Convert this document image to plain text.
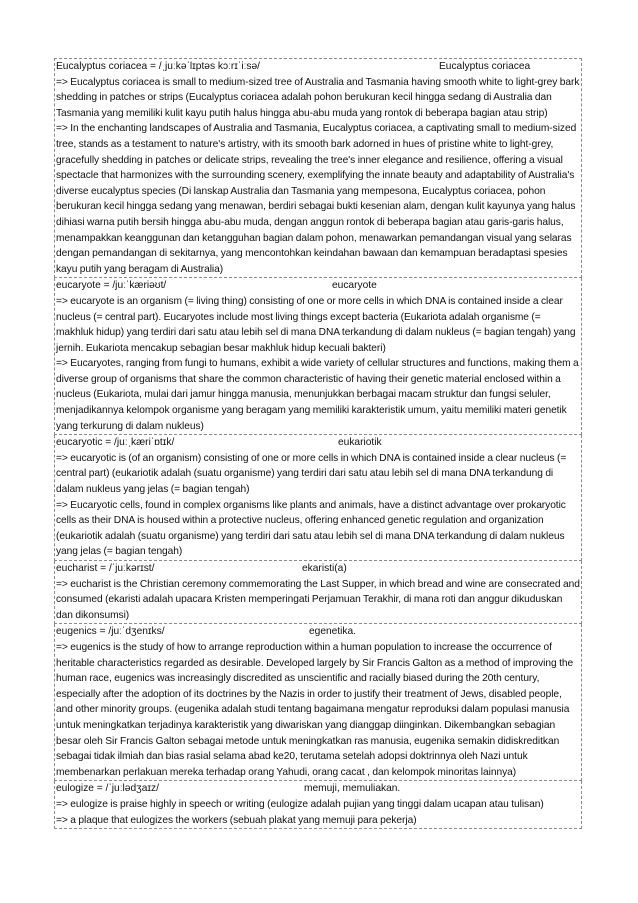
Eucalyptus coriacea = /ˌjuːkəˈlɪptəs kɔːrɪˈiːsə/	Eucalyptus coriacea
=> Eucalyptus coriacea is small to medium-sized tree of Australia and Tasmania having smooth white to light-grey bark shedding in patches or strips (Eucalyptus coriacea adalah pohon berukuran kecil hingga sedang di Australia dan Tasmania yang memiliki kulit kayu putih halus hingga abu-abu muda yang rontok di beberapa bagian atau strip)
=> In the enchanting landscapes of Australia and Tasmania, Eucalyptus coriacea, a captivating small to medium-sized tree, stands as a testament to nature's artistry, with its smooth bark adorned in hues of pristine white to light-grey, gracefully shedding in patches or delicate strips, revealing the tree's inner elegance and resilience, offering a visual spectacle that harmonizes with the surrounding scenery, exemplifying the innate beauty and adaptability of Australia's diverse eucalyptus species (Di lanskap Australia dan Tasmania yang mempesona, Eucalyptus coriacea, pohon berukuran kecil hingga sedang yang menawan, berdiri sebagai bukti kesenian alam, dengan kulit kayunya yang halus dihiasi warna putih bersih hingga abu-abu muda, dengan anggun rontok di beberapa bagian atau garis-garis halus, menampakkan keanggunan dan ketangguhan bagian dalam pohon, menawarkan pemandangan visual yang selaras dengan pemandangan di sekitarnya, yang mencontohkan keindahan bawaan dan kemampuan beradaptasi spesies kayu putih yang beragam di Australia)
eucaryote = /juːˈkæriəʊt/	eucaryote
=> eucaryote is an organism (= living thing) consisting of one or more cells in which DNA is contained inside a clear nucleus (= central part). Eucaryotes include most living things except bacteria (Eukariota adalah organisme (= makhluk hidup) yang terdiri dari satu atau lebih sel di mana DNA terkandung di dalam nukleus (= bagian tengah) yang jernih. Eukariota mencakup sebagian besar makhluk hidup kecuali bakteri)
=> Eucaryotes, ranging from fungi to humans, exhibit a wide variety of cellular structures and functions, making them a diverse group of organisms that share the common characteristic of having their genetic material enclosed within a nucleus (Eukariota, mulai dari jamur hingga manusia, menunjukkan berbagai macam struktur dan fungsi seluler, menjadikannya kelompok organisme yang beragam yang memiliki karakteristik umum, yaitu memiliki materi genetik yang terkurung di dalam nukleus)
eucaryotic = /juːˌkæriˈɒtɪk/	eukariotik
=> eucaryotic is (of an organism) consisting of one or more cells in which DNA is contained inside a clear nucleus (= central part) (eukariotik adalah (suatu organisme) yang terdiri dari satu atau lebih sel di mana DNA terkandung di dalam nukleus yang jelas (= bagian tengah)
=> Eucaryotic cells, found in complex organisms like plants and animals, have a distinct advantage over prokaryotic cells as their DNA is housed within a protective nucleus, offering enhanced genetic regulation and organization (eukariotik adalah (suatu organisme) yang terdiri dari satu atau lebih sel di mana DNA terkandung di dalam nukleus yang jelas (= bagian tengah)
eucharist = /ˈjuːkərɪst/	ekaristi(a)
=> eucharist is the Christian ceremony commemorating the Last Supper, in which bread and wine are consecrated and consumed (ekaristi adalah upacara Kristen memperingati Perjamuan Terakhir, di mana roti dan anggur dikuduskan dan dikonsumsi)
eugenics = /juːˈdʒenɪks/	egenetika.
=> eugenics is the study of how to arrange reproduction within a human population to increase the occurrence of heritable characteristics regarded as desirable. Developed largely by Sir Francis Galton as a method of improving the human race, eugenics was increasingly discredited as unscientific and racially biased during the 20th century, especially after the adoption of its doctrines by the Nazis in order to justify their treatment of Jews, disabled people, and other minority groups. (eugenika adalah studi tentang bagaimana mengatur reproduksi dalam populasi manusia untuk meningkatkan terjadinya karakteristik yang diwariskan yang dianggap diinginkan. Dikembangkan sebagian besar oleh Sir Francis Galton sebagai metode untuk meningkatkan ras manusia, eugenika semakin didiskreditkan sebagai tidak ilmiah dan bias rasial selama abad ke20, terutama setelah adopsi doktrinnya oleh Nazi untuk membenarkan perlakuan mereka terhadap orang Yahudi, orang cacat , dan kelompok minoritas lainnya)
eulogize = /ˈjuːlədʒaɪz/	memuji, memuliakan.
=> eulogize is praise highly in speech or writing (eulogize adalah pujian yang tinggi dalam ucapan atau tulisan)
=> a plaque that eulogizes the workers (sebuah plakat yang memuji para pekerja)
